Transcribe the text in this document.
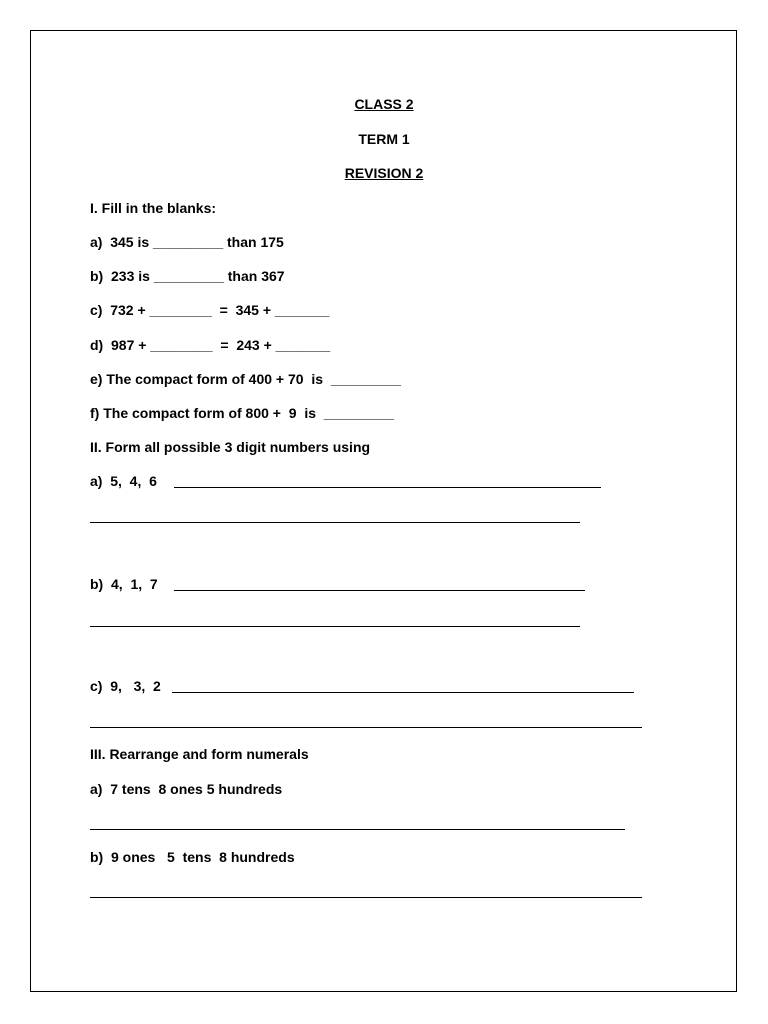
CLASS 2
TERM 1
REVISION 2
I. Fill in the blanks:
a)  345 is _________ than 175
b)  233 is _________ than 367
c)  732 + ________  =  345 + _______
d)  987 + ________  =  243 + _______
e) The compact form of 400 + 70  is  _________
f) The compact form of 800 +  9  is  _________
II. Form all possible 3 digit numbers using
a)  5,  4,  6
b)  4,  1,  7
c)  9,   3,  2
III. Rearrange and form numerals
a)  7 tens  8 ones 5 hundreds
b)  9 ones   5  tens  8 hundreds
